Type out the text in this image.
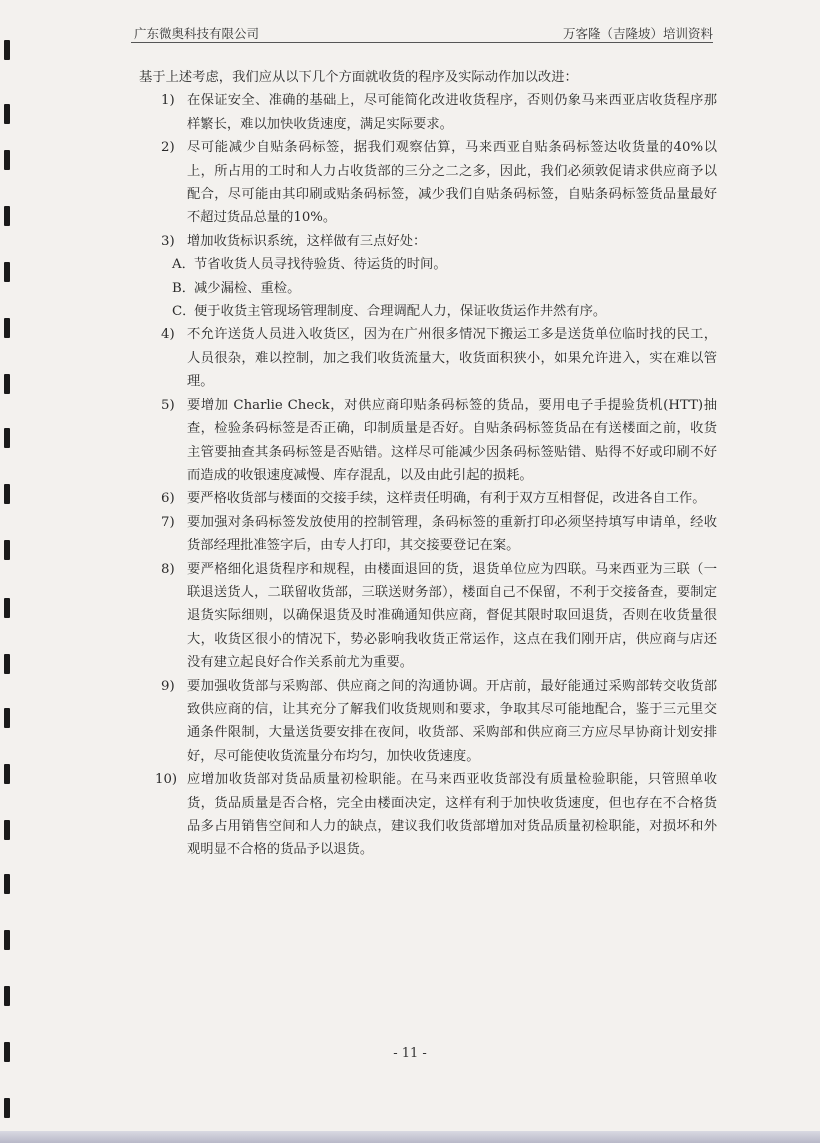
广东微奥科技有限公司	万客隆（吉隆坡）培训资料

基于上述考虑，我们应从以下几个方面就收货的程序及实际动作加以改进：

1) 在保证安全、准确的基础上，尽可能简化改进收货程序，否则仍象马来西亚店收货程序那样繁长，难以加快收货速度，满足实际要求。
2) 尽可能减少自贴条码标签，据我们观察估算，马来西亚自贴条码标签达收货量的40%以上，所占用的工时和人力占收货部的三分之二之多，因此，我们必须敦促请求供应商予以配合，尽可能由其印刷或贴条码标签，减少我们自贴条码标签，自贴条码标签货品量最好不超过货品总量的10%。
3) 增加收货标识系统，这样做有三点好处：
A． 节省收货人员寻找待验货、待运货的时间。
B．
减少漏检、重检。
C．
便于收货主管现场管理制度、合理调配人力，保证收货运作井然有序。
4) 不允许送货人员进入收货区，因为在广州很多情况下搬运工多是送货单位临时找的民工，人员很杂，难以控制，加之我们收货流量大，收货面积狭小，如果允许进入，实在难以管理。
5) 要增加 Charlie Check，对供应商印贴条码标签的货品，要用电子手提验货机(HTT)抽查，检验条码标签是否正确，印制质量是否好。自贴条码标签货品在有送楼面之前，收货主管要抽查其条码标签是否贴错。这样尽可能减少因条码标签贴错、贴得不好或印刷不好而造成的收银速度减慢、库存混乱，以及由此引起的损耗。
6) 要严格收货部与楼面的交接手续，这样责任明确，有利于双方互相督促，改进各自工作。
7) 要加强对条码标签发放使用的控制管理，条码标签的重新打印必须坚持填写申请单，经收货部经理批准签字后，由专人打印，其交接要登记在案。
8) 要严格细化退货程序和规程，由楼面退回的货，退货单位应为四联。马来西亚为三联（一联退送货人，二联留收货部，三联送财务部），楼面自己不保留，不利于交接备查，要制定退货实际细则，以确保退货及时准确通知供应商，督促其限时取回退货，否则在收货量很大，收货区很小的情况下，势必影响我收货正常运作，这点在我们刚开店，供应商与店还没有建立起良好合作关系前尤为重要。
9) 要加强收货部与采购部、供应商之间的沟通协调。开店前，最好能通过采购部转交收货部致供应商的信，让其充分了解我们收货规则和要求，争取其尽可能地配合，鉴于三元里交通条件限制，大量送货要安排在夜间，收货部、采购部和供应商三方应尽早协商计划安排好，尽可能使收货流量分布均匀，加快收货速度。
10) 应增加收货部对货品质量初检职能。在马来西亚收货部没有质量检验职能，只管照单收货，货品质量是否合格，完全由楼面决定，这样有利于加快收货速度，但也存在不合格货品多占用销售空间和人力的缺点，建议我们收货部增加对货品质量初检职能，对损坏和外观明显不合格的货品予以退货。
- 11 -
